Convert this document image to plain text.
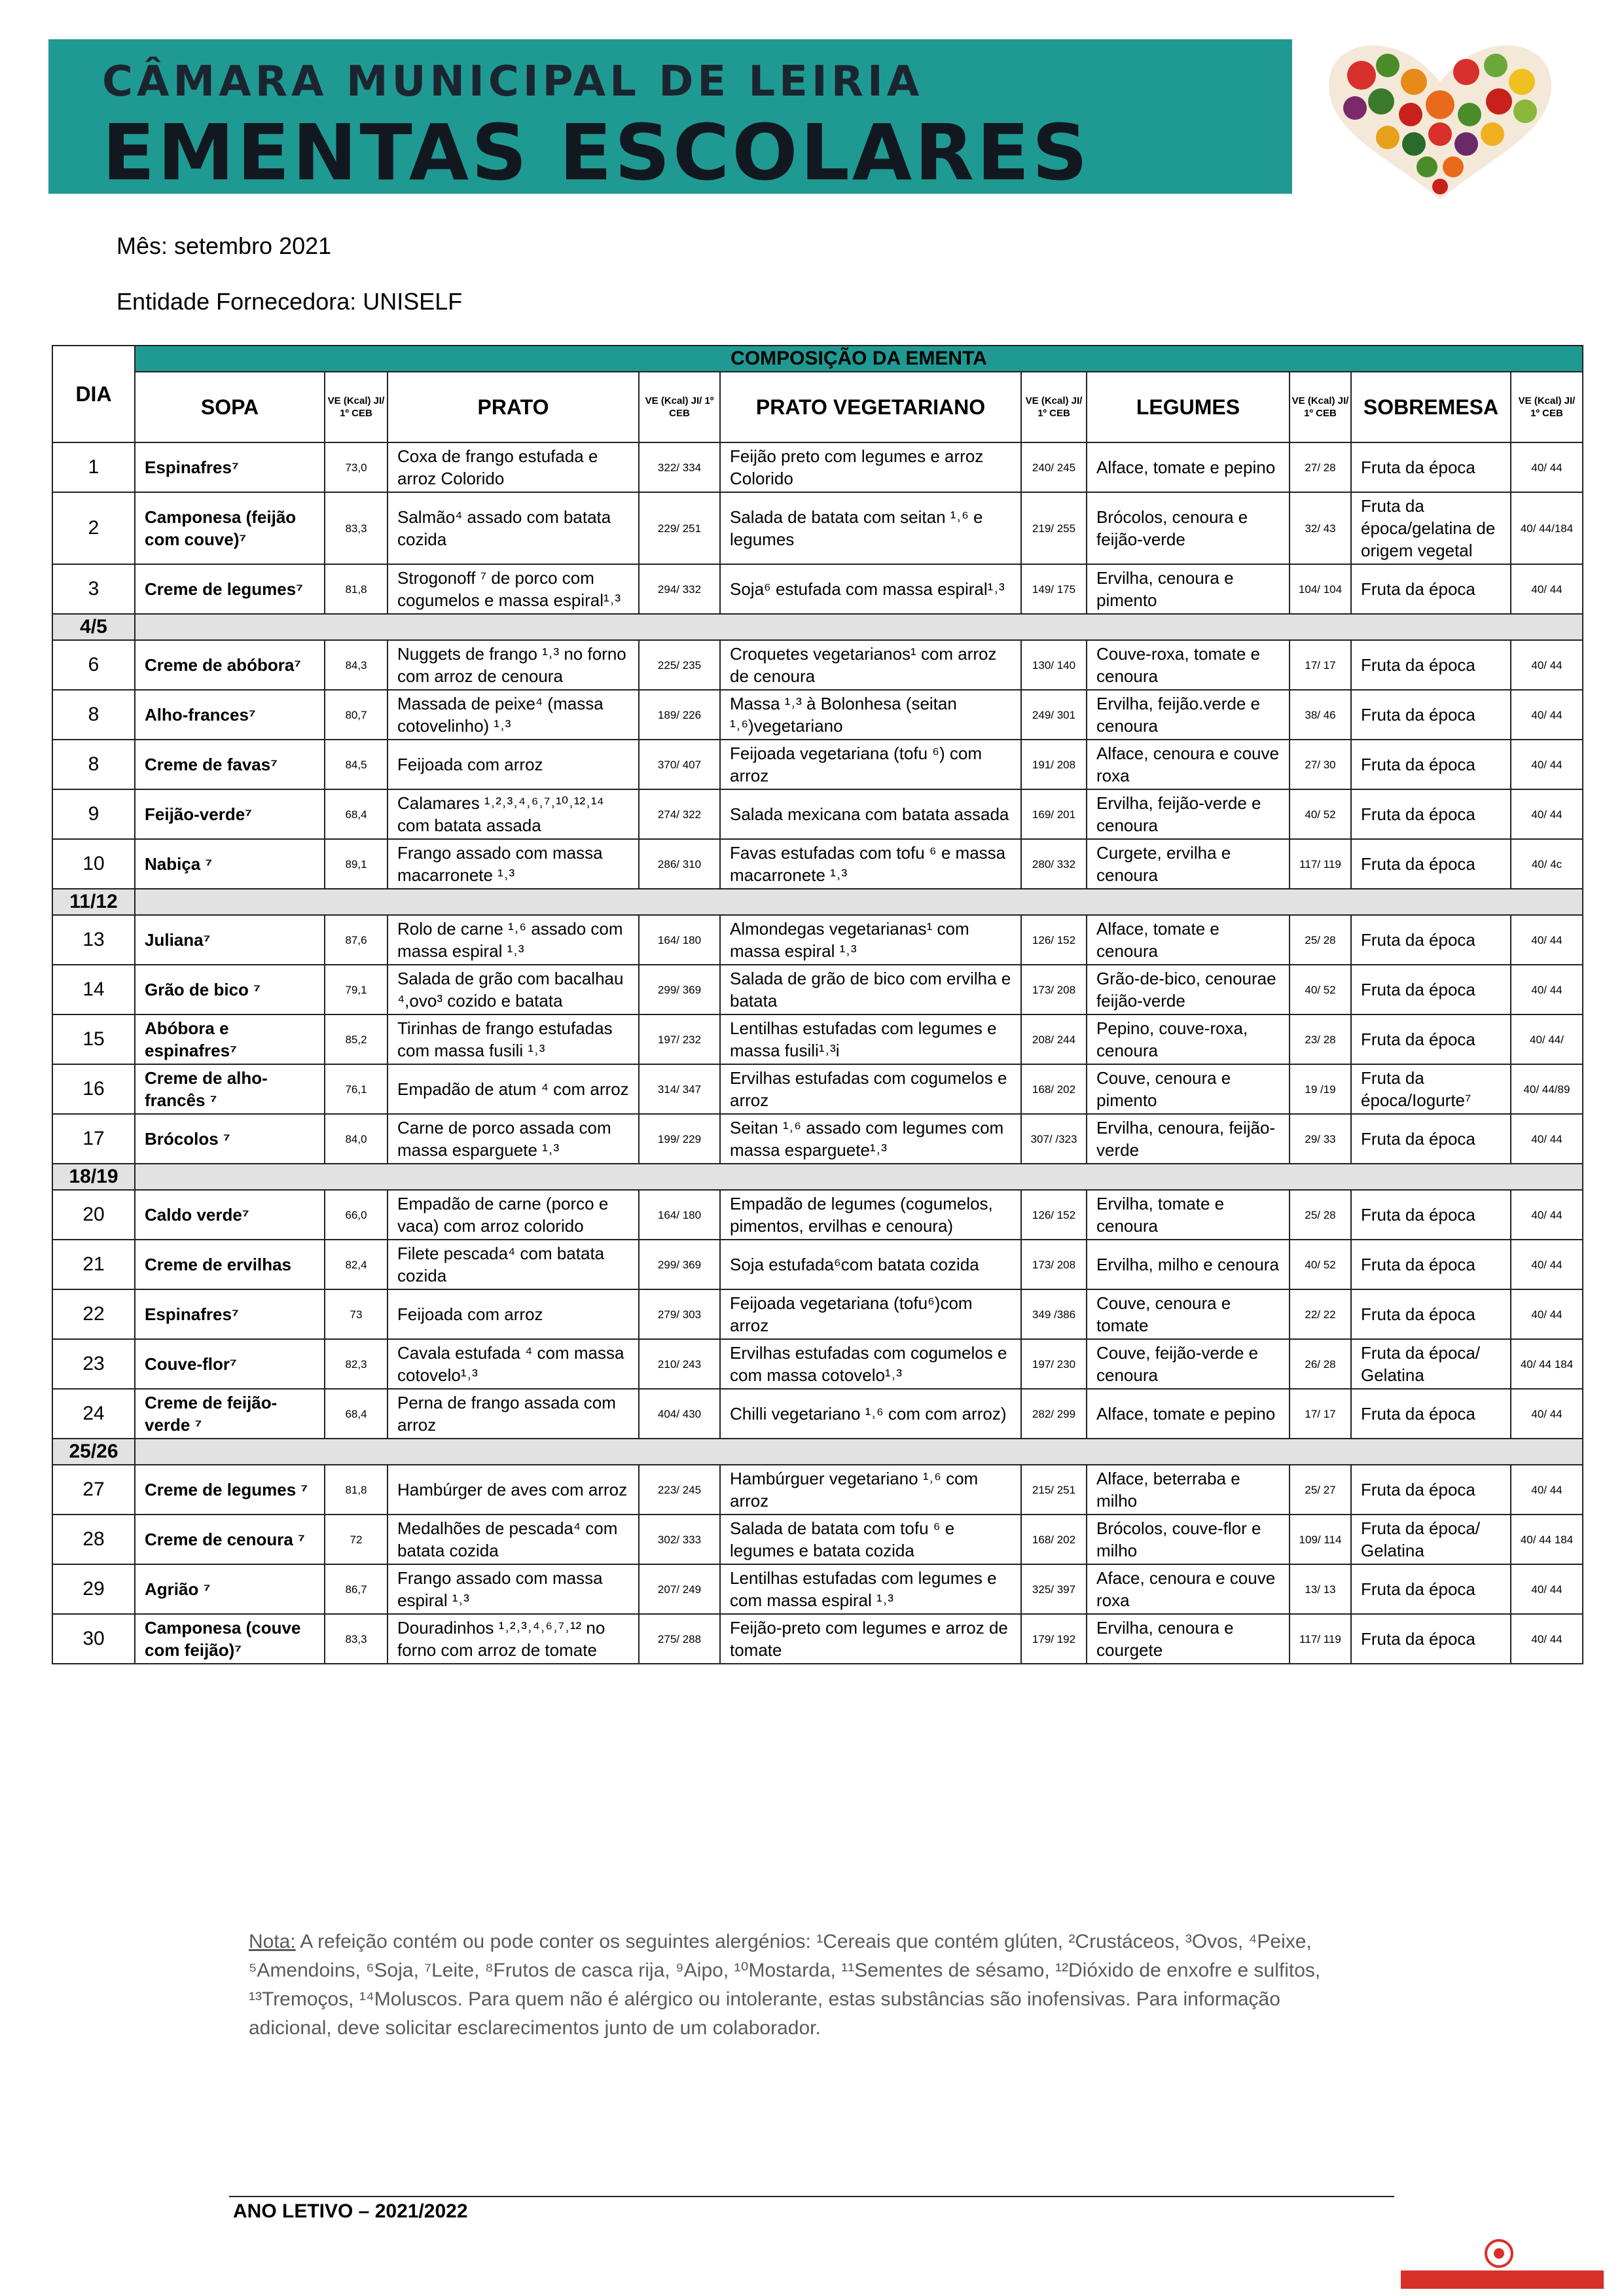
CÂMARA MUNICIPAL DE LEIRIA
EMENTAS ESCOLARES
Mês: setembro 2021
Entidade Fornecedora: UNISELF
DIA	COMPOSIÇÃO DA EMENTA									
	SOPA	VE (Kcal) JI/ 1º CEB	PRATO	VE (Kcal) JI/ 1º CEB	PRATO VEGETARIANO	VE (Kcal) JI/ 1º CEB	LEGUMES	VE (Kcal) JI/ 1º CEB	SOBREMESA	VE (Kcal) JI/ 1º CEB
1	Espinafres⁷	73,0	Coxa de frango estufada e arroz Colorido	322/ 334	Feijão preto com legumes e arroz Colorido	240/ 245	Alface, tomate e pepino	27/ 28	Fruta da época	40/ 44
2	Camponesa (feijão com couve)⁷	83,3	Salmão⁴ assado com batata cozida	229/ 251	Salada de batata com seitan ¹˒⁶ e legumes	219/ 255	Brócolos, cenoura e feijão-verde	32/ 43	Fruta da época/gelatina de origem vegetal	40/ 44/184
3	Creme de legumes⁷	81,8	Strogonoff ⁷ de porco com cogumelos e massa espiral¹˒³	294/ 332	Soja⁶ estufada com massa espiral¹˒³	149/ 175	Ervilha, cenoura e pimento	104/ 104	Fruta da época	40/ 44
4/5										
6	Creme de abóbora⁷	84,3	Nuggets de frango ¹˒³ no forno com arroz de cenoura	225/ 235	Croquetes vegetarianos¹ com arroz de cenoura	130/ 140	Couve-roxa, tomate e cenoura	17/ 17	Fruta da época	40/ 44
8	Alho-frances⁷	80,7	Massada de peixe⁴ (massa cotovelinho) ¹˒³	189/ 226	Massa ¹˒³ à Bolonhesa (seitan ¹˒⁶)vegetariano	249/ 301	Ervilha, feijão.verde e cenoura	38/ 46	Fruta da época	40/ 44
8	Creme de favas⁷	84,5	Feijoada com arroz	370/ 407	Feijoada vegetariana (tofu ⁶) com arroz	191/ 208	Alface, cenoura e couve roxa	27/ 30	Fruta da época	40/ 44
9	Feijão-verde⁷	68,4	Calamares ¹˒²˒³˒⁴˒⁶˒⁷˒¹⁰˒¹²˒¹⁴ com batata assada	274/ 322	Salada mexicana com batata assada	169/ 201	Ervilha, feijão-verde e cenoura	40/ 52	Fruta da época	40/ 44
10	Nabiça ⁷	89,1	Frango assado com massa macarronete ¹˒³	286/ 310	Favas estufadas com tofu ⁶ e massa macarronete ¹˒³	280/ 332	Curgete, ervilha e cenoura	117/ 119	Fruta da época	40/ 4c
11/12										
13	Juliana⁷	87,6	Rolo de carne ¹˒⁶ assado com massa espiral ¹˒³	164/ 180	Almondegas vegetarianas¹ com massa espiral ¹˒³	126/ 152	Alface, tomate e cenoura	25/ 28	Fruta da época	40/ 44
14	Grão de bico ⁷	79,1	Salada de grão com bacalhau ⁴,ovo³ cozido e batata	299/ 369	Salada de grão de bico com ervilha e batata	173/ 208	Grão-de-bico, cenourae feijão-verde	40/ 52	Fruta da época	40/ 44
15	Abóbora e espinafres⁷	85,2	Tirinhas de frango estufadas com massa fusili ¹˒³	197/ 232	Lentilhas estufadas com legumes e massa fusili¹˒³i	208/ 244	Pepino, couve-roxa, cenoura	23/ 28	Fruta da época	40/ 44/
16	Creme de alho-francês ⁷	76,1	Empadão de atum ⁴ com arroz	314/ 347	Ervilhas estufadas com cogumelos e arroz	168/ 202	Couve, cenoura e pimento	19 /19	Fruta da época/Iogurte⁷	40/ 44/89
17	Brócolos ⁷	84,0	Carne de porco assada com massa esparguete ¹˒³	199/ 229	Seitan ¹˒⁶ assado com legumes com massa esparguete¹˒³	307/ /323	Ervilha, cenoura, feijão-verde	29/ 33	Fruta da época	40/ 44
18/19										
20	Caldo verde⁷	66,0	Empadão de carne (porco e vaca) com arroz colorido	164/ 180	Empadão de legumes (cogumelos, pimentos, ervilhas e cenoura)	126/ 152	Ervilha, tomate e cenoura	25/ 28	Fruta da época	40/ 44
21	Creme de ervilhas	82,4	Filete pescada⁴ com batata cozida	299/ 369	Soja estufada⁶com batata cozida	173/ 208	Ervilha, milho e cenoura	40/ 52	Fruta da época	40/ 44
22	Espinafres⁷	73	Feijoada com arroz	279/ 303	Feijoada vegetariana (tofu⁶)com arroz	349 /386	Couve, cenoura e tomate	22/ 22	Fruta da época	40/ 44
23	Couve-flor⁷	82,3	Cavala estufada ⁴ com massa cotovelo¹˒³	210/ 243	Ervilhas estufadas com cogumelos e com massa cotovelo¹˒³	197/ 230	Couve, feijão-verde e cenoura	26/ 28	Fruta da época/ Gelatina	40/ 44 184
24	Creme de feijão-verde ⁷	68,4	Perna de frango assada com arroz	404/ 430	Chilli vegetariano ¹˒⁶ com com arroz)	282/ 299	Alface, tomate e pepino	17/ 17	Fruta da época	40/ 44
25/26										
27	Creme de legumes ⁷	81,8	Hambúrger de aves com arroz	223/ 245	Hambúrguer vegetariano ¹˒⁶ com arroz	215/ 251	Alface, beterraba e milho	25/ 27	Fruta da época	40/ 44
28	Creme de cenoura ⁷	72	Medalhões de pescada⁴ com batata cozida	302/ 333	Salada de batata com tofu ⁶ e legumes e batata cozida	168/ 202	Brócolos, couve-flor e milho	109/ 114	Fruta da época/ Gelatina	40/ 44 184
29	Agrião ⁷	86,7	Frango assado com massa espiral ¹˒³	207/ 249	Lentilhas estufadas com legumes e com massa espiral ¹˒³	325/ 397	Aface, cenoura e couve roxa	13/ 13	Fruta da época	40/ 44
30	Camponesa (couve com feijão)⁷	83,3	Douradinhos ¹˒²˒³˒⁴˒⁶˒⁷˒¹² no forno com arroz de tomate	275/ 288	Feijão-preto com legumes e arroz de tomate	179/ 192	Ervilha, cenoura e courgete	117/ 119	Fruta da época	40/ 44
Nota: A refeição contém ou pode conter os seguintes alergénios: ¹Cereais que contém glúten, ²Crustáceos, ³Ovos, ⁴Peixe, ⁵Amendoins, ⁶Soja, ⁷Leite, ⁸Frutos de casca rija, ⁹Aipo, ¹⁰Mostarda, ¹¹Sementes de sésamo, ¹²Dióxido de enxofre e sulfitos, ¹³Tremoços, ¹⁴Moluscos. Para quem não é alérgico ou intolerante, estas substâncias são inofensivas. Para informação adicional, deve solicitar esclarecimentos junto de um colaborador.
ANO LETIVO – 2021/2022
